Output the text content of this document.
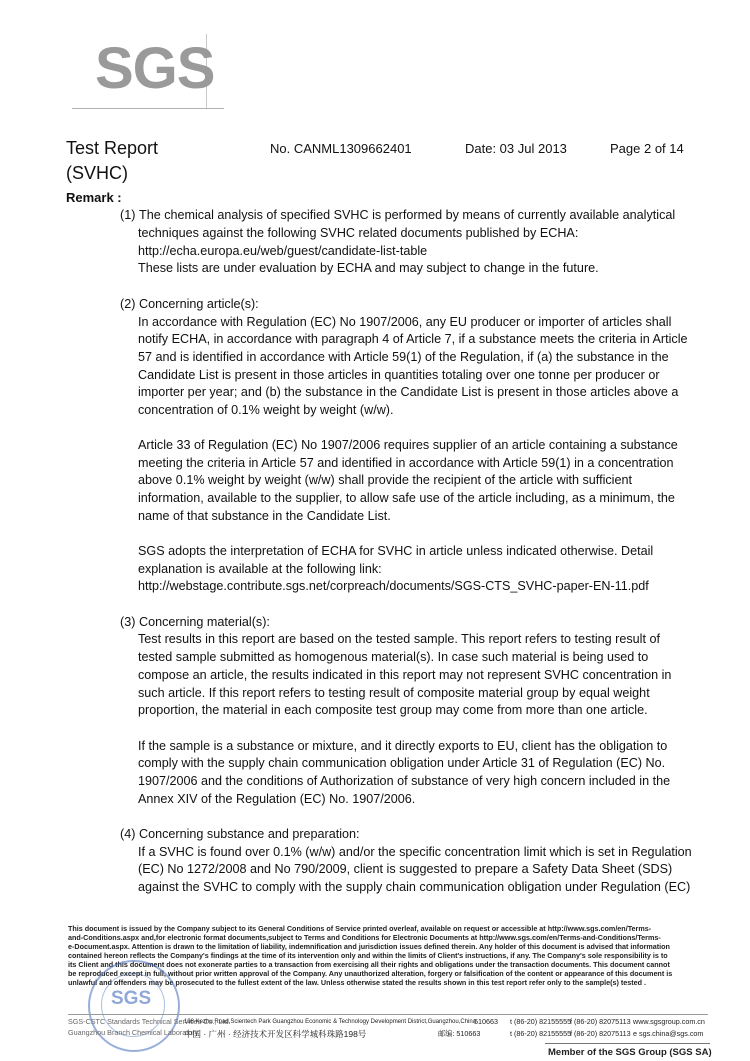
SGS
Test Report
(SVHC)
No. CANML1309662401	Date: 03 Jul 2013	Page 2 of 14
Remark :
(1) The chemical analysis of specified SVHC is performed by means of currently available analytical
techniques against the following SVHC related documents published by ECHA:
http://echa.europa.eu/web/guest/candidate-list-table
These lists are under evaluation by ECHA and may subject to change in the future.
(2) Concerning article(s):
In accordance with Regulation (EC) No 1907/2006, any EU producer or importer of articles shall
notify ECHA, in accordance with paragraph 4 of Article 7, if a substance meets the criteria in Article
57 and is identified in accordance with Article 59(1) of the Regulation, if (a) the substance in the
Candidate List is present in those articles in quantities totaling over one tonne per producer or
importer per year; and (b) the substance in the Candidate List is present in those articles above a
concentration of 0.1% weight by weight (w/w).
Article 33 of Regulation (EC) No 1907/2006 requires supplier of an article containing a substance
meeting the criteria in Article 57 and identified in accordance with Article 59(1) in a concentration
above 0.1% weight by weight (w/w) shall provide the recipient of the article with sufficient
information, available to the supplier, to allow safe use of the article including, as a minimum, the
name of that substance in the Candidate List.
SGS adopts the interpretation of ECHA for SVHC in article unless indicated otherwise. Detail
explanation is available at the following link:
http://webstage.contribute.sgs.net/corpreach/documents/SGS-CTS_SVHC-paper-EN-11.pdf
(3) Concerning material(s):
Test results in this report are based on the tested sample. This report refers to testing result of
tested sample submitted as homogenous material(s). In case such material is being used to
compose an article, the results indicated in this report may not represent SVHC concentration in
such article. If this report refers to testing result of composite material group by equal weight
proportion, the material in each composite test group may come from more than one article.
If the sample is a substance or mixture, and it directly exports to EU, client has the obligation to
comply with the supply chain communication obligation under Article 31 of Regulation (EC) No.
1907/2006 and the conditions of Authorization of substance of very high concern included in the
Annex XIV of the Regulation (EC) No. 1907/2006.
(4) Concerning substance and preparation:
If a SVHC is found over 0.1% (w/w) and/or the specific concentration limit which is set in Regulation
(EC) No 1272/2008 and No 790/2009, client is suggested to prepare a Safety Data Sheet (SDS)
against the SVHC to comply with the supply chain communication obligation under Regulation (EC)
This document is issued by the Company subject to its General Conditions of Service printed overleaf, available on request or accessible at http://www.sgs.com/en/Terms-
and-Conditions.aspx and,for electronic format documents,subject to Terms and Conditions for Electronic Documents at http://www.sgs.com/en/Terms-and-Conditions/Terms-
e-Document.aspx. Attention is drawn to the limitation of liability, indemnification and jurisdiction issues defined therein. Any holder of this document is advised that information
contained hereon reflects the Company's findings at the time of its intervention only and within the limits of Client's instructions, if any. The Company's sole responsibility is to
its Client and this document does not exonerate parties to a transaction from exercising all their rights and obligations under the transaction documents. This document cannot
be reproduced except in full, without prior written approval of the Company. Any unauthorized alteration, forgery or falsification of the content or appearance of this document is
unlawful and offenders may be prosecuted to the fullest extent of the law. Unless otherwise stated the results shown in this test report refer only to the sample(s) tested .
SGS
SGS-CSTC Standards Technical Services Co., Ltd.
Guangzhou Branch Chemical Laboratory
198 Kezhu Road,Scientech Park Guangzhou Economic & Technology Development District,Guangzhou,China
510663 t (86-20) 82155555
f (86-20) 82075113 www.sgsgroup.com.cn
中国 · 广州 · 经济技术开发区科学城科珠路198号	邮编: 510663	t (86-20) 82155555
f (86-20) 82075113 e sgs.china@sgs.com
Member of the SGS Group (SGS SA)
